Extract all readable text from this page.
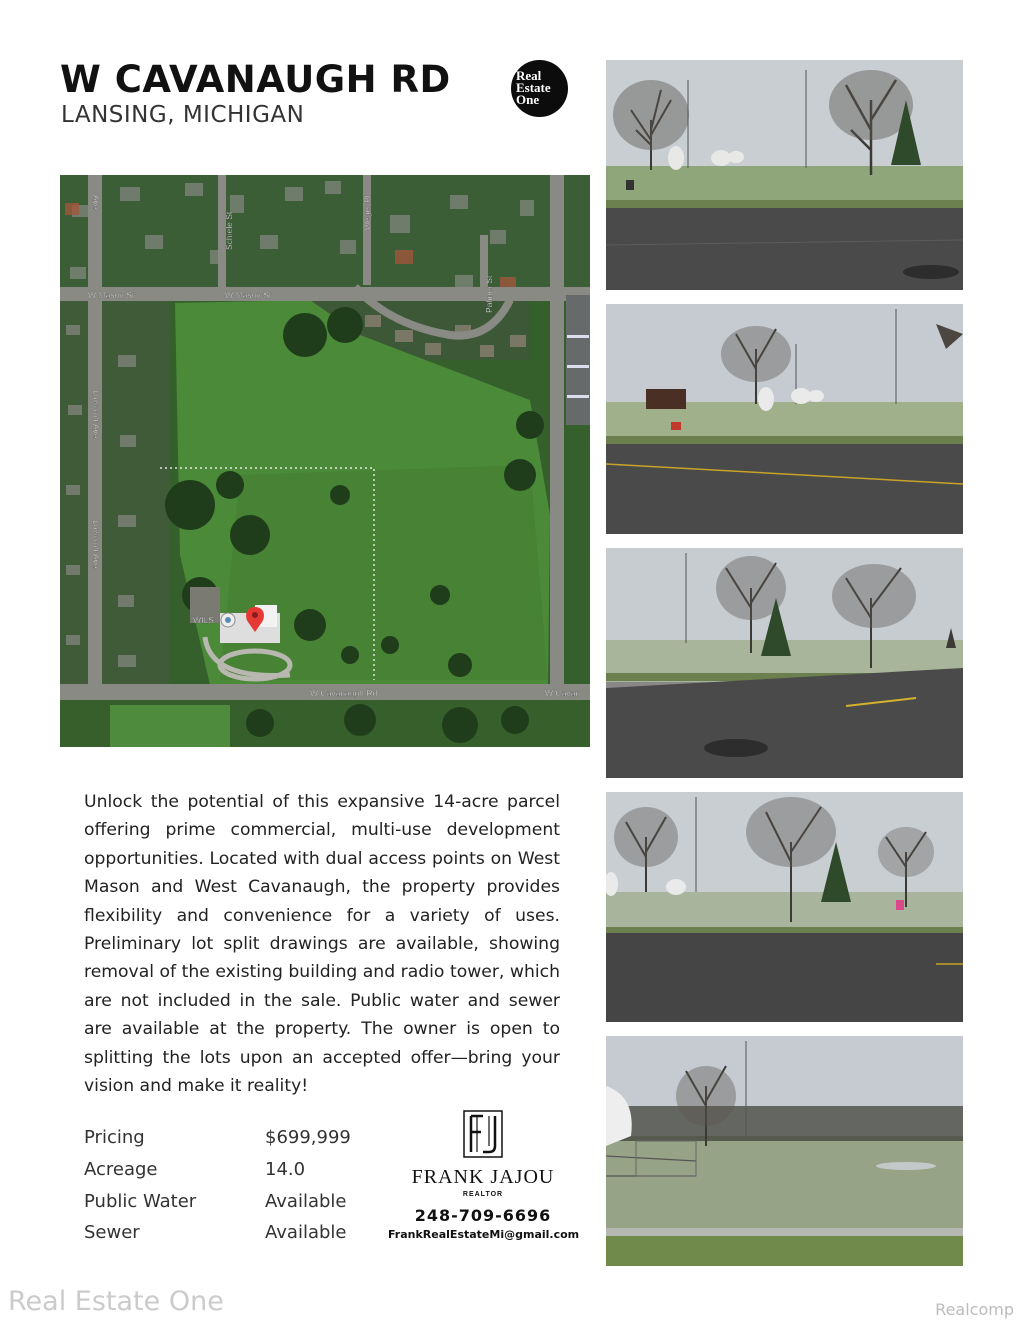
W CAVANAUGH RD
LANSING, MICHIGAN
Real
Estate
One
Ave
W Mason St	W Mason St
Schiele St	Weger Pl
Palmer St
Lowcroft Ave
Lowcroft Ave
WILS
W Cavanaugh Rd	W Cavan

Unlock the potential of this expansive 14-acre parcel offering prime commercial, multi-use development opportunities. Located with dual access points on West Mason and West Cavanaugh, the property provides flexibility and convenience for a variety of uses. Preliminary lot split drawings are available, showing removal of the existing building and radio tower, which are not included in the sale. Public water and sewer are available at the property. The owner is open to splitting the lots upon an accepted offer—bring your vision and make it reality!

Pricing	$699,999
Acreage	14.0
Public Water	Available
Sewer	Available
FRANK JAJOU
REALTOR
248-709-6696
FrankRealEstateMi@gmail.com
Real Estate One	Realcomp
